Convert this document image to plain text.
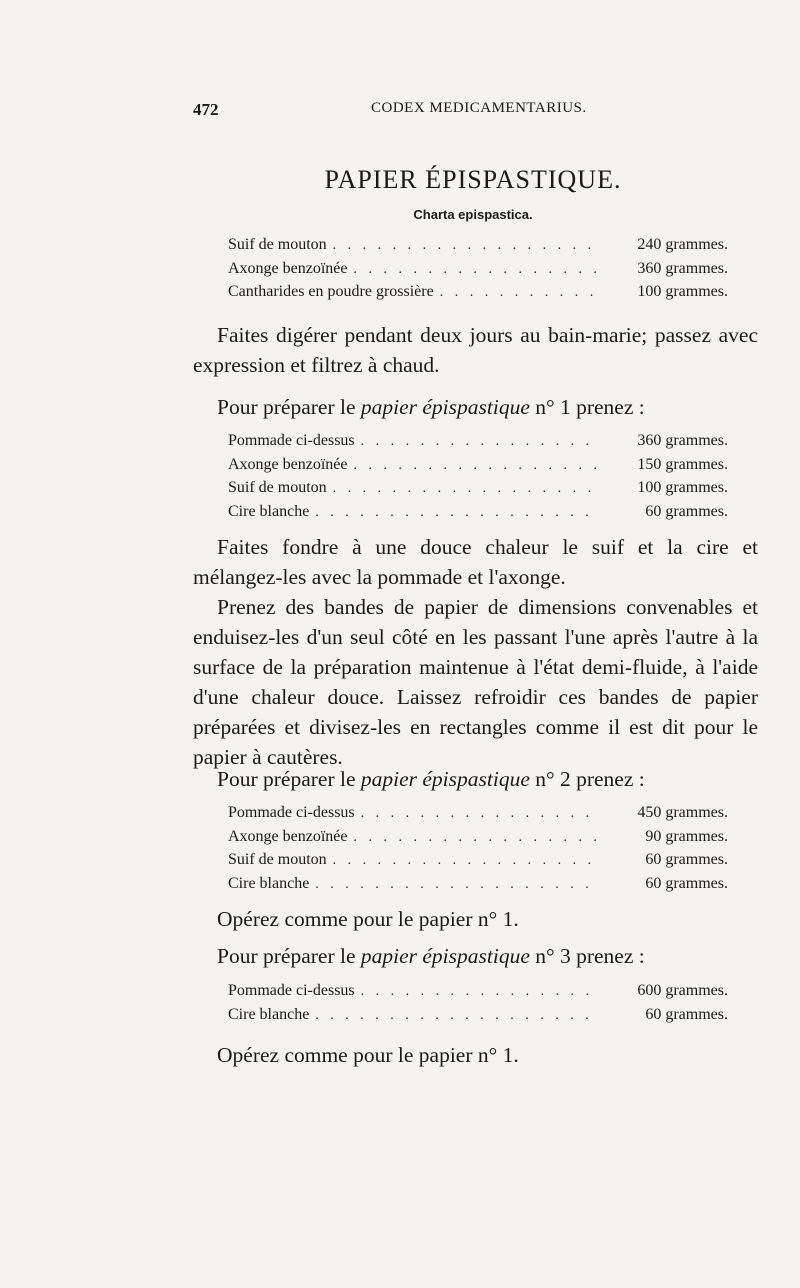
472	CODEX MEDICAMENTARIUS.
PAPIER ÉPISPASTIQUE.
Charta epispastica.
Suif de mouton . . .	240 grammes.
Axonge benzoïnée . . .	360 grammes.
Cantharides en poudre grossière . . .	100 grammes.
Faites digérer pendant deux jours au bain-marie; passez avec expression et filtrez à chaud.
Pour préparer le papier épispastique n° 1 prenez :
Pommade ci-dessus . . .	360 grammes.
Axonge benzoïnée . . .	150 grammes.
Suif de mouton . . .	100 grammes.
Cire blanche . . .	60 grammes.
Faites fondre à une douce chaleur le suif et la cire et mélangez-les avec la pommade et l'axonge.
Prenez des bandes de papier de dimensions convenables et enduisez-les d'un seul côté en les passant l'une après l'autre à la surface de la préparation maintenue à l'état demi-fluide, à l'aide d'une chaleur douce. Laissez refroidir ces bandes de papier préparées et divisez-les en rectangles comme il est dit pour le papier à cautères.
Pour préparer le papier épispastique n° 2 prenez :
Pommade ci-dessus . . .	450 grammes.
Axonge benzoïnée . . .	90 grammes.
Suif de mouton . . .	60 grammes.
Cire blanche . . .	60 grammes.
Opérez comme pour le papier n° 1.
Pour préparer le papier épispastique n° 3 prenez :
Pommade ci-dessus . . .	600 grammes.
Cire blanche . . .	60 grammes.
Opérez comme pour le papier n° 1.
